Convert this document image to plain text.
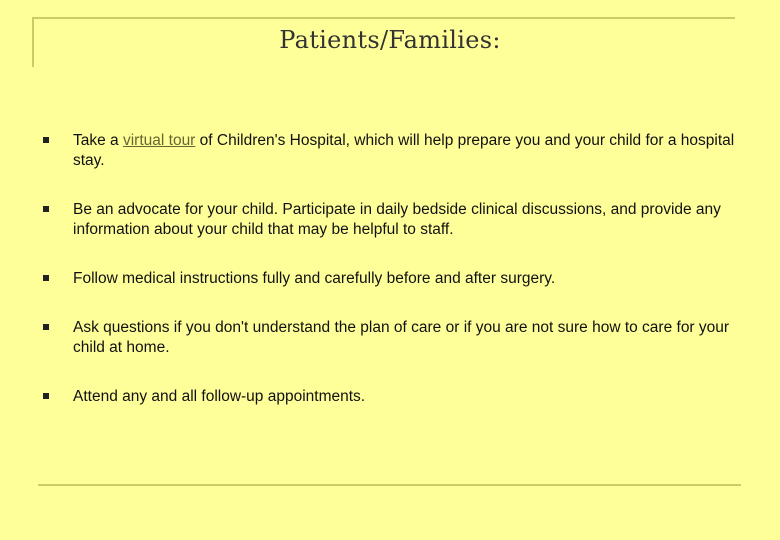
Patients/Families:
Take a virtual tour of Children's Hospital, which will help prepare you and your child for a hospital stay.
Be an advocate for your child. Participate in daily bedside clinical discussions, and provide any information about your child that may be helpful to staff.
Follow medical instructions fully and carefully before and after surgery.
Ask questions if you don't understand the plan of care or if you are not sure how to care for your child at home.
Attend any and all follow-up appointments.
